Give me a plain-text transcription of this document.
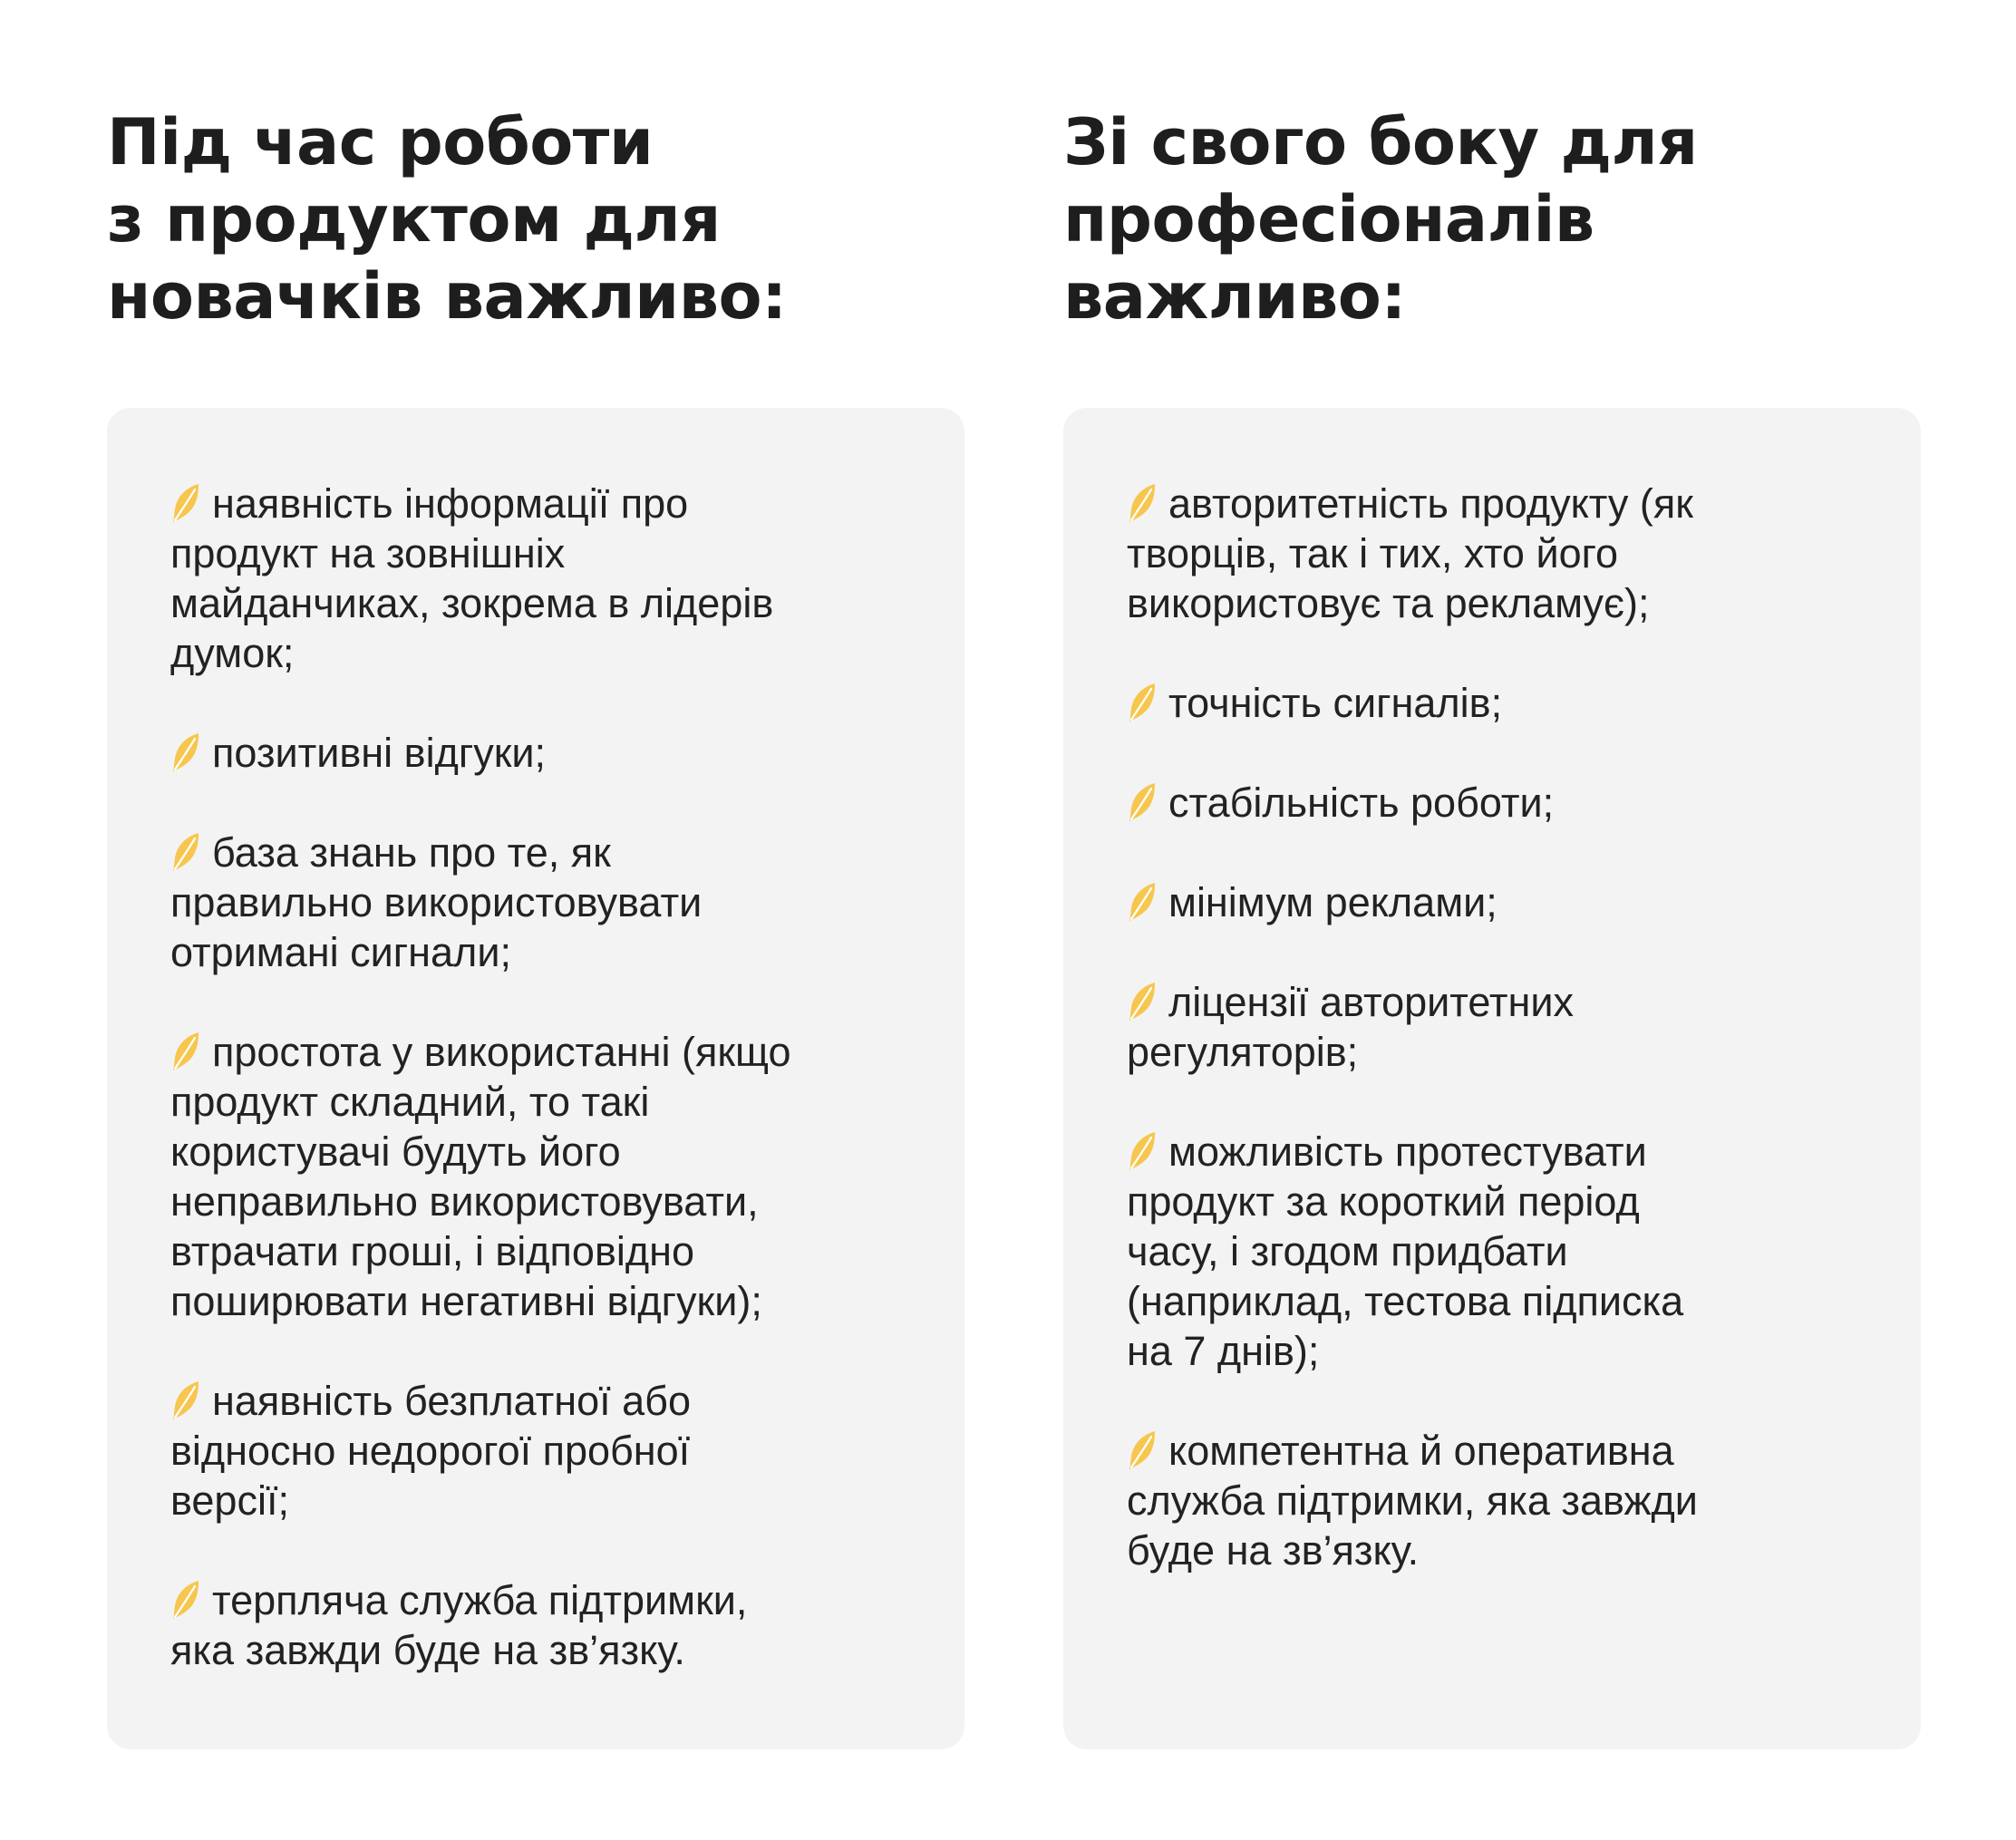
Під час роботи
з продуктом для
новачків важливо:
наявність інформації про
продукт на зовнішніх
майданчиках, зокрема в лідерів
думок;
позитивні відгуки;
база знань про те, як
правильно використовувати
отримані сигнали;
простота у використанні (якщо
продукт складний, то такі
користувачі будуть його
неправильно використовувати,
втрачати гроші, і відповідно
поширювати негативні відгуки);
наявність безплатної або
відносно недорогої пробної
версії;
терпляча служба підтримки,
яка завжди буде на зв’язку.
Зі свого боку для
професіоналів
важливо:
авторитетність продукту (як
творців, так і тих, хто його
використовує та рекламує);
точність сигналів;
стабільність роботи;
мінімум реклами;
ліцензії авторитетних
регуляторів;
можливість протестувати
продукт за короткий період
часу, і згодом придбати
(наприклад, тестова підписка
на 7 днів);
компетентна й оперативна
служба підтримки, яка завжди
буде на зв’язку.
